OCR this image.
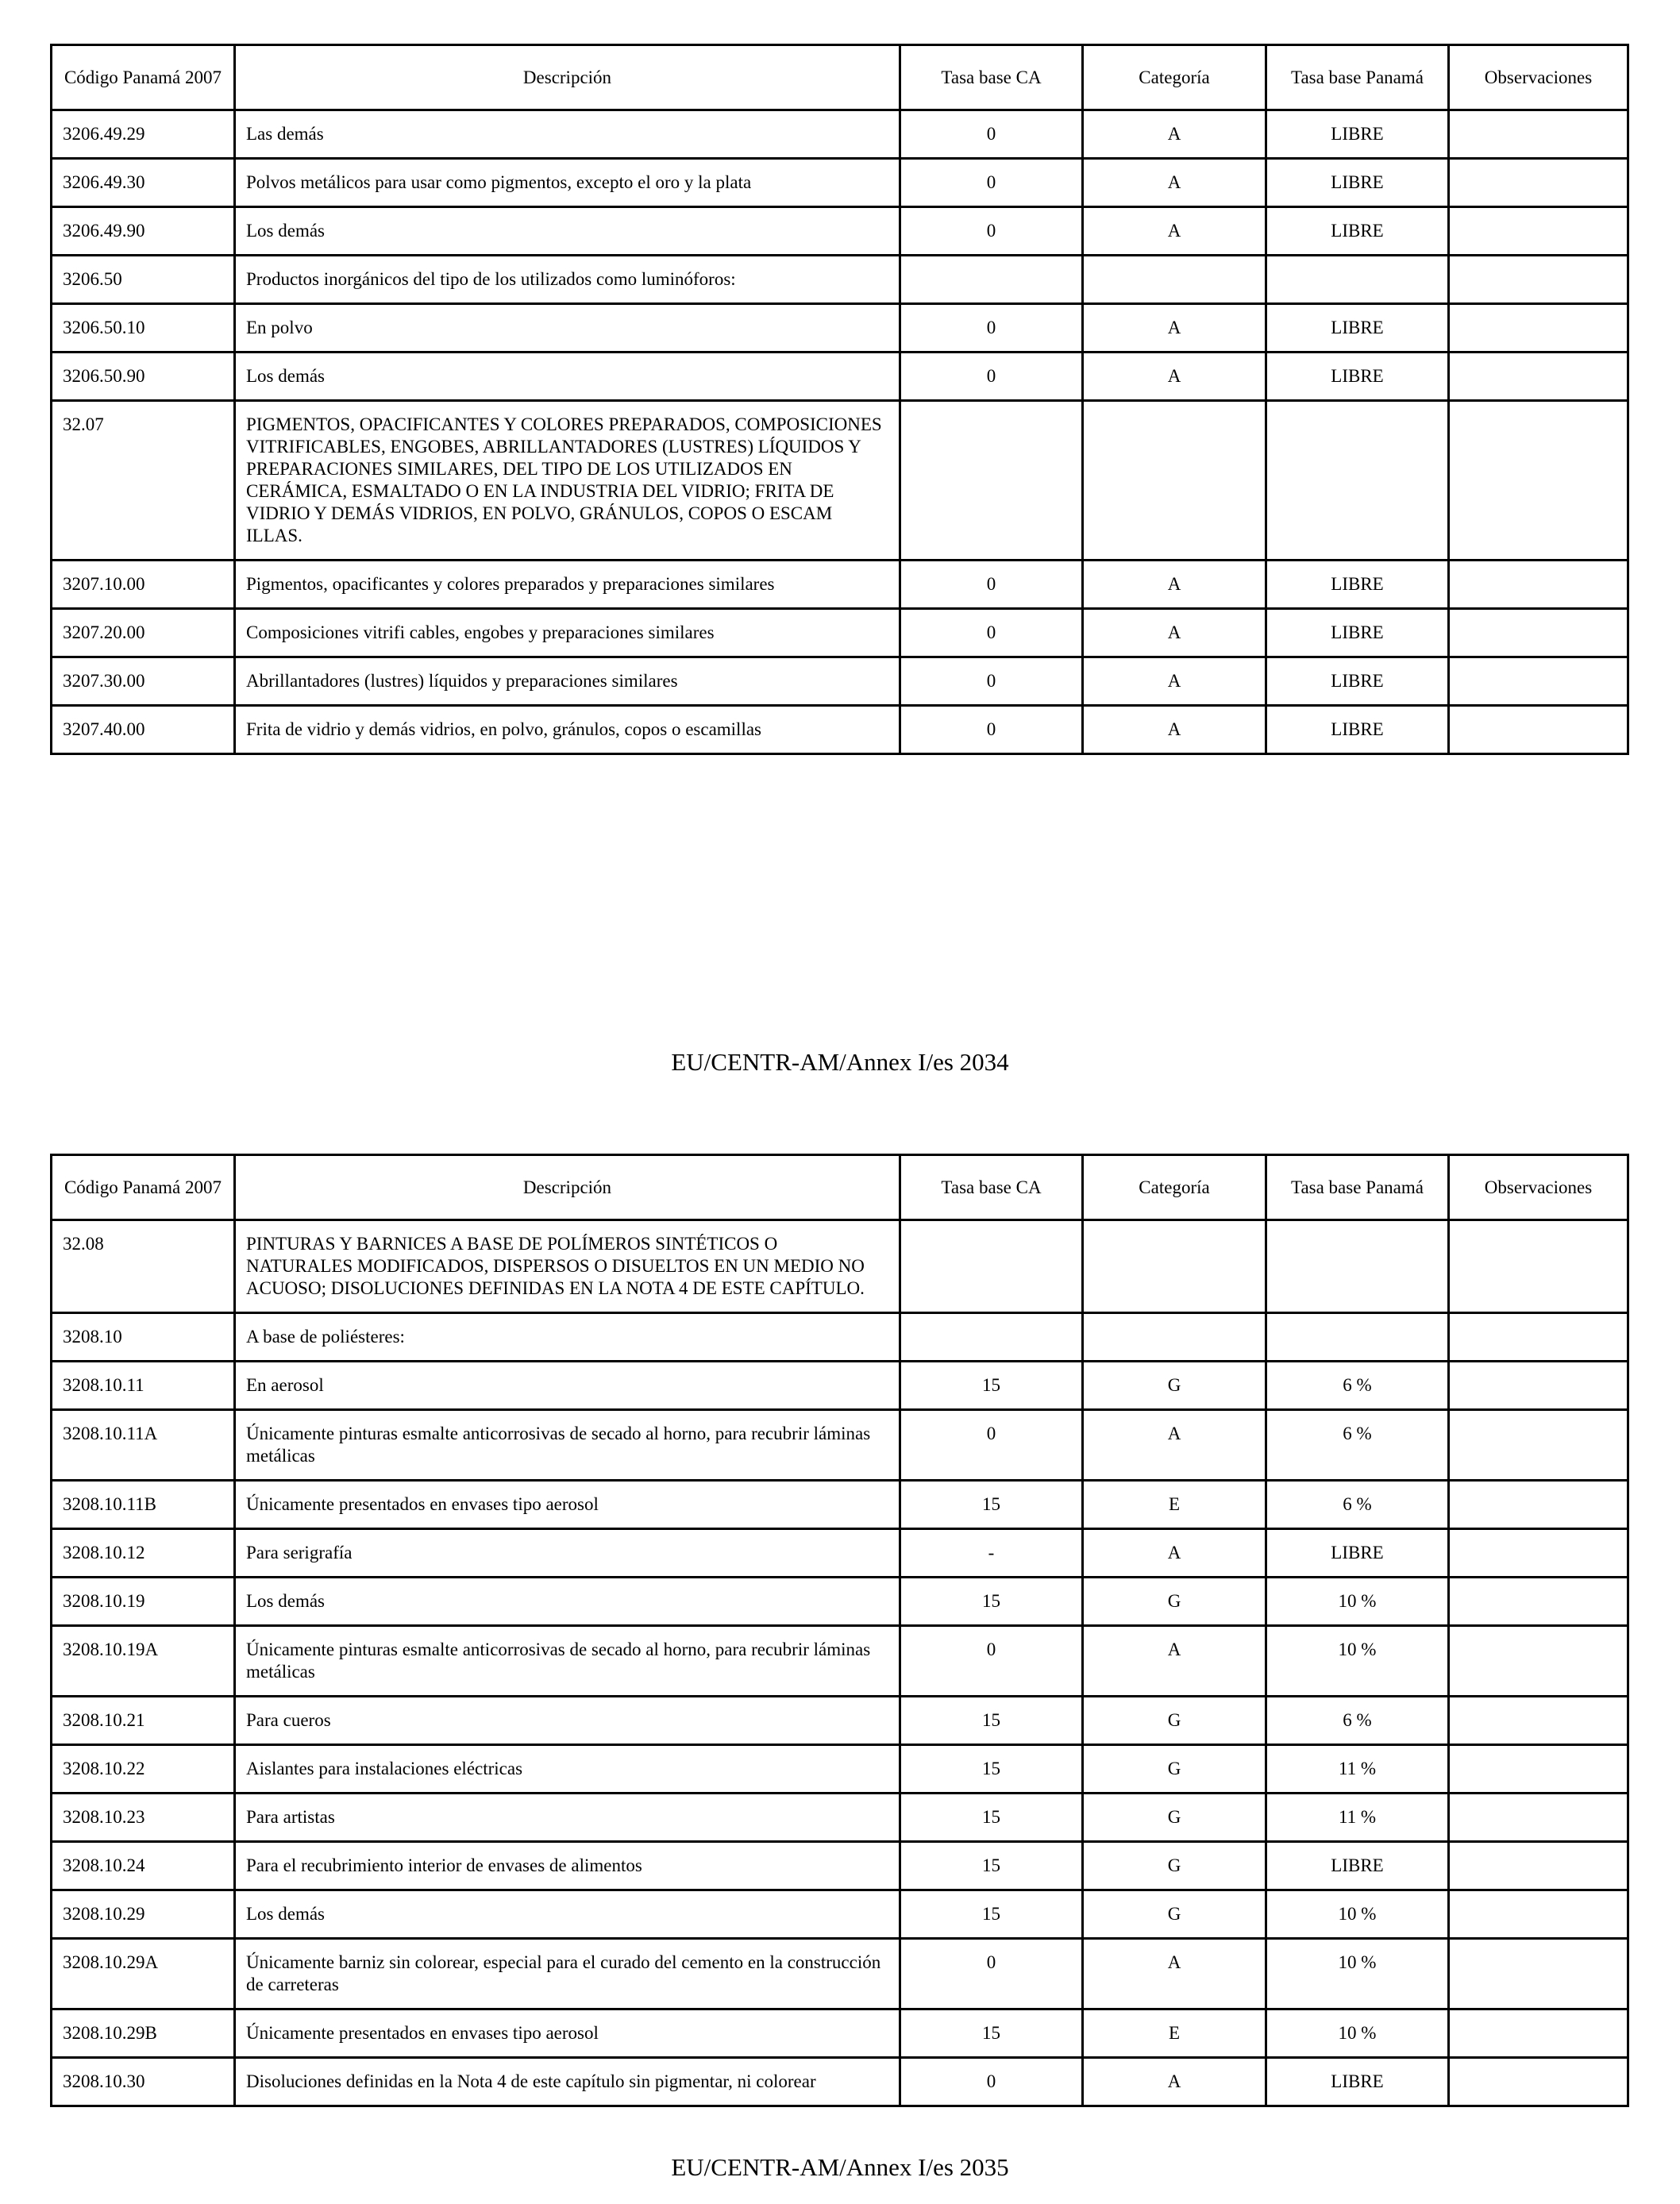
Código Panamá 2007	Descripción	Tasa base CA	Categoría	Tasa base Panamá	Observaciones
3206.49.29	Las demás	0	A	LIBRE	
3206.49.30	Polvos metálicos para usar como pigmentos, excepto el oro y la plata	0	A	LIBRE	
3206.49.90	Los demás	0	A	LIBRE	
3206.50	Productos inorgánicos del tipo de los utilizados como luminóforos:				
3206.50.10	En polvo	0	A	LIBRE	
3206.50.90	Los demás	0	A	LIBRE	
32.07	PIGMENTOS, OPACIFICANTES Y COLORES PREPARADOS, COMPOSICIONES VITRIFICABLES, ENGOBES, ABRILLANTADORES (LUSTRES) LÍQUIDOS Y PREPARACIONES SIMILARES, DEL TIPO DE LOS UTILIZADOS EN CERÁMICA, ESMALTADO O EN LA INDUSTRIA DEL VIDRIO; FRITA DE VIDRIO Y DEMÁS VIDRIOS, EN POLVO, GRÁNULOS, COPOS O ESCAM ILLAS.				
3207.10.00	Pigmentos, opacificantes y colores preparados y preparaciones similares	0	A	LIBRE	
3207.20.00	Composiciones vitrifi cables, engobes y preparaciones similares	0	A	LIBRE	
3207.30.00	Abrillantadores (lustres) líquidos y preparaciones similares	0	A	LIBRE	
3207.40.00	Frita de vidrio y demás vidrios, en polvo, gránulos, copos o escamillas	0	A	LIBRE	
EU/CENTR-AM/Annex I/es 2034
Código Panamá 2007	Descripción	Tasa base CA	Categoría	Tasa base Panamá	Observaciones
32.08	PINTURAS Y BARNICES A BASE DE POLÍMEROS SINTÉTICOS O NATURALES MODIFICADOS, DISPERSOS O DISUELTOS EN UN MEDIO NO ACUOSO; DISOLUCIONES DEFINIDAS EN LA NOTA 4 DE ESTE CAPÍTULO.				
3208.10	A base de poliésteres:				
3208.10.11	En aerosol	15	G	6 %	
3208.10.11A	Únicamente pinturas esmalte anticorrosivas de secado al horno, para recubrir láminas metálicas	0	A	6 %	
3208.10.11B	Únicamente presentados en envases tipo aerosol	15	E	6 %	
3208.10.12	Para serigrafía	-	A	LIBRE	
3208.10.19	Los demás	15	G	10 %	
3208.10.19A	Únicamente pinturas esmalte anticorrosivas de secado al horno, para recubrir láminas metálicas	0	A	10 %	
3208.10.21	Para cueros	15	G	6 %	
3208.10.22	Aislantes para instalaciones eléctricas	15	G	11 %	
3208.10.23	Para artistas	15	G	11 %	
3208.10.24	Para el recubrimiento interior de envases de alimentos	15	G	LIBRE	
3208.10.29	Los demás	15	G	10 %	
3208.10.29A	Únicamente barniz sin colorear, especial para el curado del cemento en la construcción de carreteras	0	A	10 %	
3208.10.29B	Únicamente presentados en envases tipo aerosol	15	E	10 %	
3208.10.30	Disoluciones definidas en la Nota 4 de este capítulo sin pigmentar, ni colorear	0	A	LIBRE	
EU/CENTR-AM/Annex I/es 2035
